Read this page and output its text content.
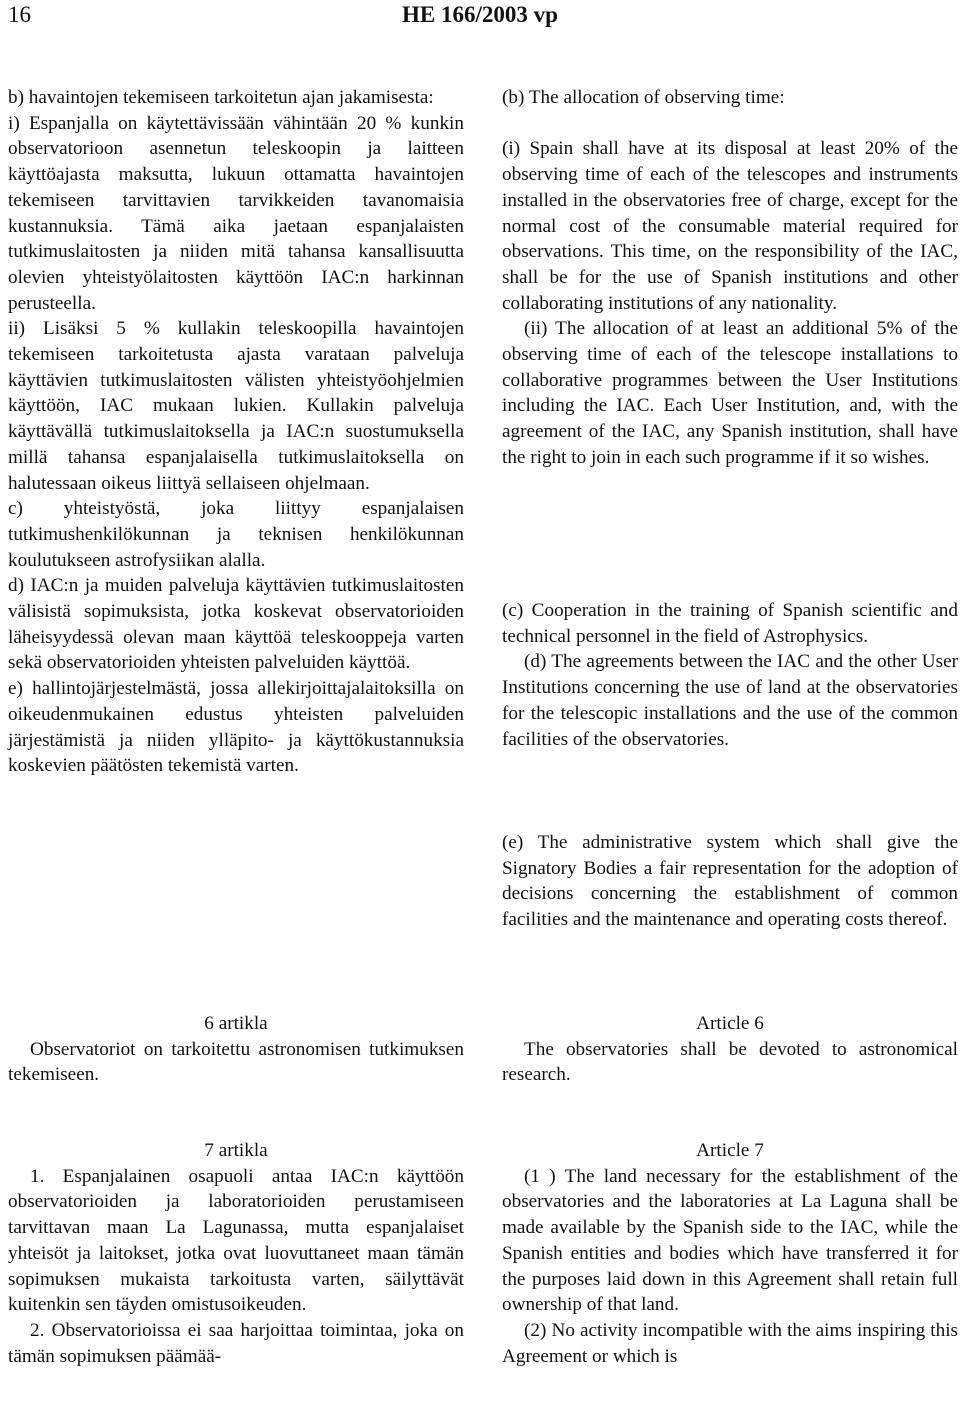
16	HE 166/2003 vp

b) havaintojen tekemiseen tarkoitetun ajan jakamisesta:

i) Espanjalla on käytettävissään vähintään 20 % kunkin observatorioon asennetun teleskoopin ja laitteen käyttöajasta maksutta, lukuun ottamatta havaintojen tekemiseen tarvittavien tarvikkeiden tavanomaisia kustannuksia. Tämä aika jaetaan espanjalaisten tutkimuslaitosten ja niiden mitä tahansa kansallisuutta olevien yhteistyölaitosten käyttöön IAC:n harkinnan perusteella.

ii) Lisäksi 5 % kullakin teleskoopilla havaintojen tekemiseen tarkoitetusta ajasta varataan palveluja käyttävien tutkimuslaitosten välisten yhteistyöohjelmien käyttöön, IAC mukaan lukien. Kullakin palveluja käyttävällä tutkimuslaitoksella ja IAC:n suostumuksella millä tahansa espanjalaisella tutkimuslaitoksella on halutessaan oikeus liittyä sellaiseen ohjelmaan.

c) yhteistyöstä, joka liittyy espanjalaisen tutkimushenkilökunnan ja teknisen henkilökunnan koulutukseen astrofysiikan alalla.

d) IAC:n ja muiden palveluja käyttävien tutkimuslaitosten välisistä sopimuksista, jotka koskevat observatorioiden läheisyydessä olevan maan käyttöä teleskooppeja varten sekä observatorioiden yhteisten palveluiden käyttöä.

e) hallintojärjestelmästä, jossa allekirjoittajalaitoksilla on oikeudenmukainen edustus yhteisten palveluiden järjestämistä ja niiden ylläpito- ja käyttökustannuksia koskevien päätösten tekemistä varten.

6 artikla

Observatoriot on tarkoitettu astronomisen tutkimuksen tekemiseen.

7 artikla

1. Espanjalainen osapuoli antaa IAC:n käyttöön observatorioiden ja laboratorioiden perustamiseen tarvittavan maan La Lagunassa, mutta espanjalaiset yhteisöt ja laitokset, jotka ovat luovuttaneet maan tämän sopimuksen mukaista tarkoitusta varten, säilyttävät kuitenkin sen täyden omistusoikeuden.

2. Observatorioissa ei saa harjoittaa toimintaa, joka on tämän sopimuksen päämää-

(b) The allocation of observing time:

(i) Spain shall have at its disposal at least 20% of the observing time of each of the telescopes and instruments installed in the observatories free of charge, except for the normal cost of the consumable material required for observations. This time, on the responsibility of the IAC, shall be for the use of Spanish institutions and other collaborating institutions of any nationality.

(ii) The allocation of at least an additional 5% of the observing time of each of the telescope installations to collaborative programmes between the User Institutions including the IAC. Each User Institution, and, with the agreement of the IAC, any Spanish institution, shall have the right to join in each such programme if it so wishes.

(c) Cooperation in the training of Spanish scientific and technical personnel in the field of Astrophysics.

(d) The agreements between the IAC and the other User Institutions concerning the use of land at the observatories for the telescopic installations and the use of the common facilities of the observatories.

(e) The administrative system which shall give the Signatory Bodies a fair representation for the adoption of decisions concerning the establishment of common facilities and the maintenance and operating costs thereof.

Article 6

The observatories shall be devoted to astronomical research.

Article 7

(1 ) The land necessary for the establishment of the observatories and the laboratories at La Laguna shall be made available by the Spanish side to the IAC, while the Spanish entities and bodies which have transferred it for the purposes laid down in this Agreement shall retain full ownership of that land.

(2) No activity incompatible with the aims inspiring this Agreement or which is
